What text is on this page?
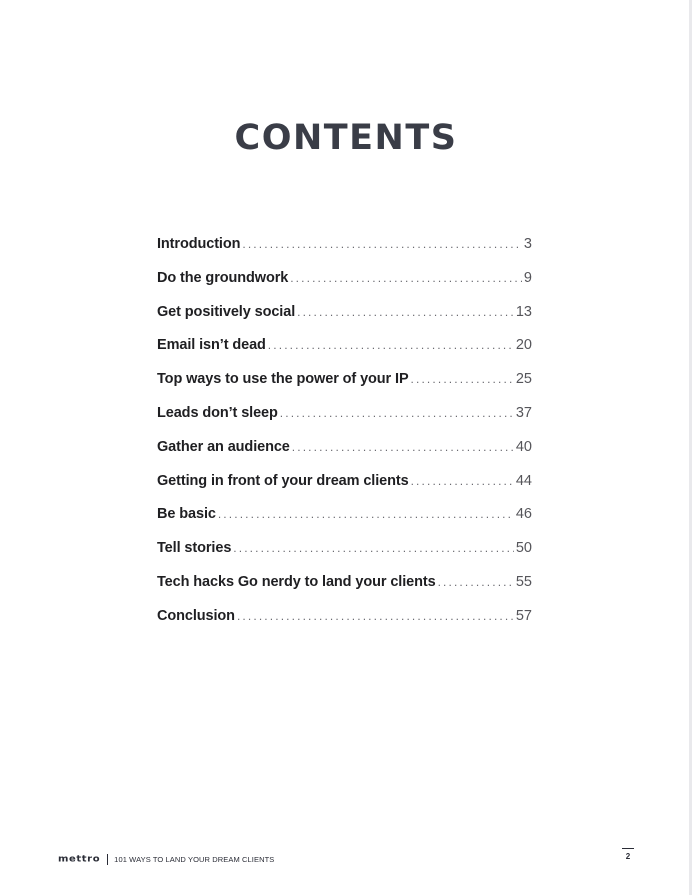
CONTENTS
Introduction . . .	3
Do the groundwork . . .	9
Get positively social . . .	13
Email isn’t dead . . .	20
Top ways to use the power of your IP . . .	25
Leads don’t sleep . . .	37
Gather an audience . . .	40
Getting in front of your dream clients . . .	44
Be basic . . .	46
Tell stories . . .	50
Tech hacks Go nerdy to land your clients . . .	55
Conclusion . . .	57
mettro 101 WAYS TO LAND YOUR DREAM CLIENTS	2
